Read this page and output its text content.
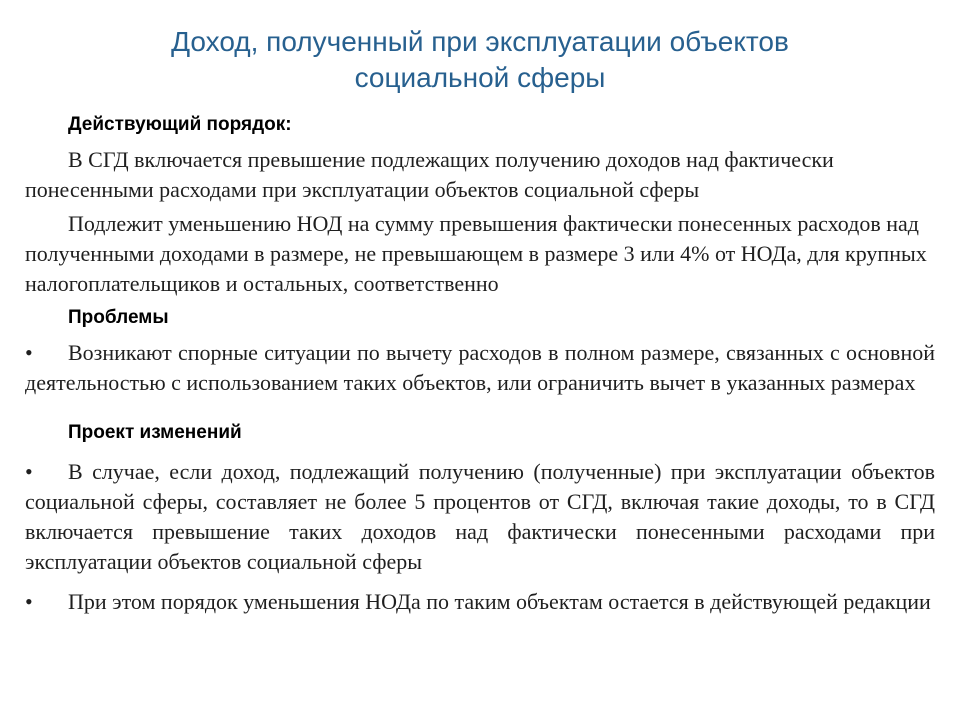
Доход, полученный при эксплуатации объектов социальной сферы
Действующий порядок:

В СГД включается превышение подлежащих получению доходов над фактически понесенными расходами при эксплуатации объектов социальной сферы

Подлежит уменьшению НОД на сумму превышения фактически понесенных расходов над полученными доходами в размере, не превышающем в размере 3 или 4% от НОДа, для крупных налогоплательщиков и остальных, соответственно

Проблемы

• Возникают спорные ситуации по вычету расходов в полном размере, связанных с основной деятельностью с использованием таких объектов, или ограничить вычет в указанных размерах

Проект изменений

• В случае, если доход, подлежащий получению (полученные) при эксплуатации объектов социальной сферы, составляет не более 5 процентов от СГД, включая такие доходы, то в СГД включается превышение таких доходов над фактически понесенными расходами при эксплуатации объектов социальной сферы

• При этом порядок уменьшения НОДа по таким объектам остается в действующей редакции
